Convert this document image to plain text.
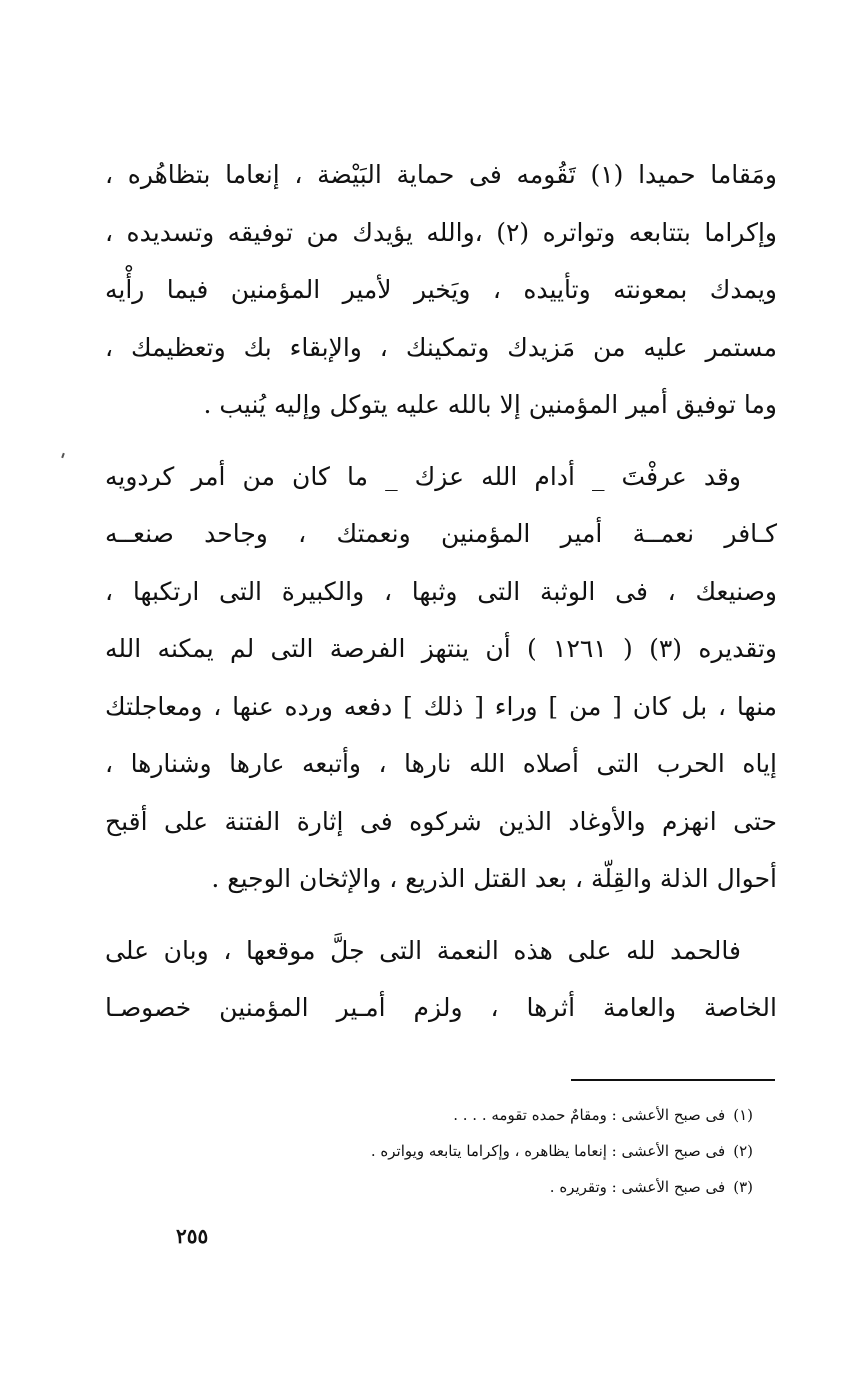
ومَقاما حميدا (١) تَقُومه فى حماية البَيْضة ، إنعاما بتظاهُره ،
وإكراما بتتابعه وتواتره (٢) ،والله يؤيدك من توفيقه وتسديده ،
ويمدك بمعونته وتأييده ، ويَخير لأمير المؤمنين فيما رأْيه
مستمر عليه من مَزيدك وتمكينك ، والإبقاء بك وتعظيمك ،
وما توفيق أمير المؤمنين إلا بالله عليه يتوكل وإليه يُنيب .

وقد عرفْتَ _ أدام الله عزك _ ما كان من أمر كردويه
كـافر نعمــة أمير المؤمنين ونعمتك ، وجاحد صنعــه
وصنيعك ، فى الوثبة التى وثبها ، والكبيرة التى ارتكبها ،
وتقديره (٣) ( ١٢٦١ ) أن ينتهز الفرصة التى لم يمكنه الله
منها ، بل كان [ من ] وراء [ ذلك ] دفعه ورده عنها ، ومعاجلتك
إياه الحرب التى أصلاه الله نارها ، وأتبعه عارها وشنارها ،
حتى انهزم والأوغاد الذين شركوه فى إثارة الفتنة على أقبح
أحوال الذلة والقِلّة ، بعد القتل الذريع ، والإثخان الوجيع .

فالحمد لله على هذه النعمة التى جلَّ موقعها ، وبان على
الخاصة والعامة أثرها ، ولزم أمـير المؤمنين خصوصـا

(١)فى صبح الأعشى : ومقامٌ حمده تقومه . . . .
(٢)فى صبح الأعشى : إنعاما يظاهره ، وإكراما يتابعه ويواتره .
(٣)فى صبح الأعشى : وتقريره .
٢٥٥
